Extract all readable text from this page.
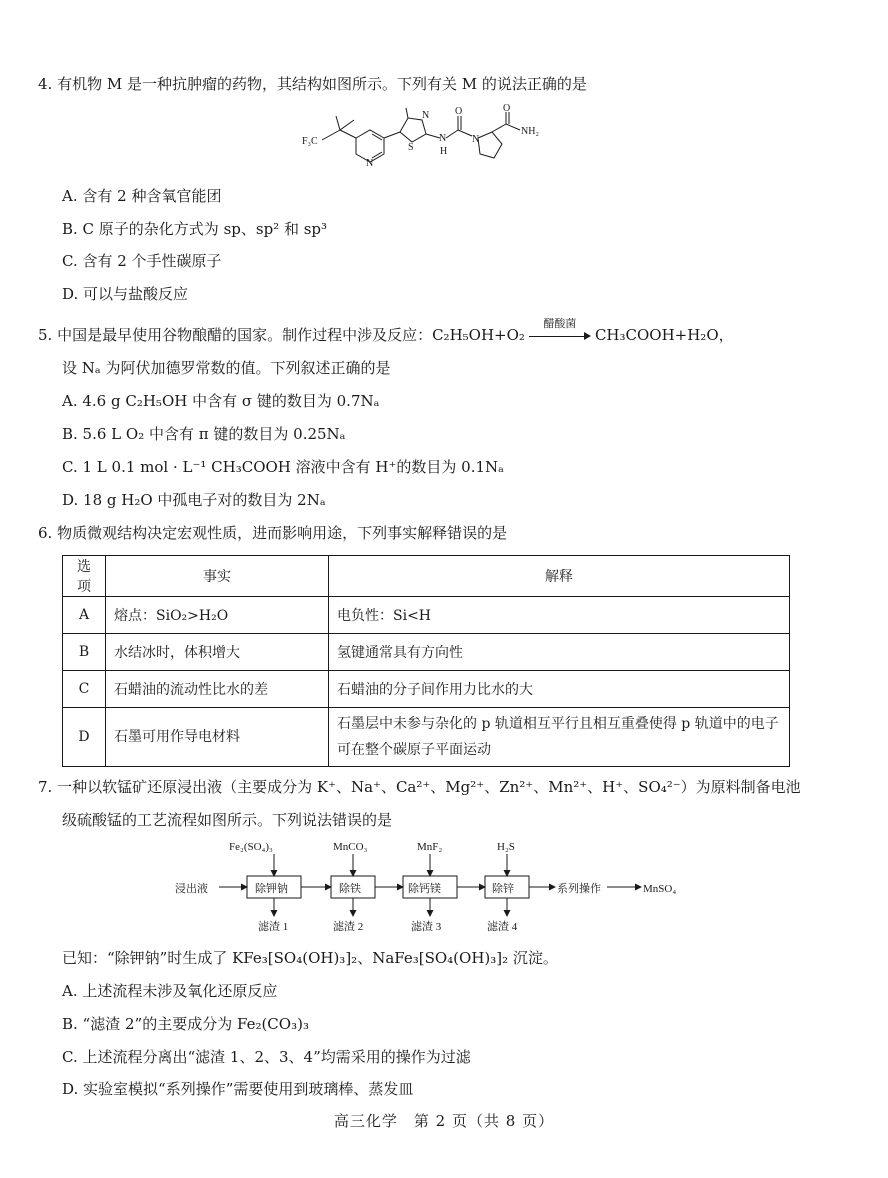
4. 有机物 M 是一种抗肿瘤的药物，其结构如图所示。下列有关 M 的说法正确的是
F₃C
N
S
N
N
H
O
N
O
NH₂
A. 含有 2 种含氧官能团
B. C 原子的杂化方式为 sp、sp² 和 sp³
C. 含有 2 个手性碳原子
D. 可以与盐酸反应
5. 中国是最早使用谷物酿醋的国家。制作过程中涉及反应：C₂H₅OH+O₂
醋酸菌
CH₃COOH+H₂O，
设 Nₐ 为阿伏加德罗常数的值。下列叙述正确的是
A. 4.6 g C₂H₅OH 中含有 σ 键的数目为 0.7Nₐ
B. 5.6 L O₂ 中含有 π 键的数目为 0.25Nₐ
C. 1 L 0.1 mol · L⁻¹ CH₃COOH 溶液中含有 H⁺的数目为 0.1Nₐ
D. 18 g H₂O 中孤电子对的数目为 2Nₐ
6. 物质微观结构决定宏观性质，进而影响用途，下列事实解释错误的是
选项	事实	解释
A	熔点：SiO₂>H₂O	电负性：Si<H
B	水结冰时，体积增大	氢键通常具有方向性
C	石蜡油的流动性比水的差	石蜡油的分子间作用力比水的大
D	石墨可用作导电材料	石墨层中未参与杂化的 p 轨道相互平行且相互重叠使得 p 轨道中的电子可在整个碳原子平面运动
7. 一种以软锰矿还原浸出液（主要成分为 K⁺、Na⁺、Ca²⁺、Mg²⁺、Zn²⁺、Mn²⁺、H⁺、SO₄²⁻）为原料制备电池
级硫酸锰的工艺流程如图所示。下列说法错误的是
浸出液
Fe₂(SO₄)₃	MnCO₃	MnF₂	H₂S
除钾钠	除铁	除钙镁	除锌
滤渣 1	滤渣 2	滤渣 3	滤渣 4
系列操作	MnSO₄
已知：“除钾钠”时生成了 KFe₃[SO₄(OH)₃]₂、NaFe₃[SO₄(OH)₃]₂ 沉淀。
A. 上述流程未涉及氧化还原反应
B. “滤渣 2”的主要成分为 Fe₂(CO₃)₃
C. 上述流程分离出“滤渣 1、2、3、4”均需采用的操作为过滤
D. 实验室模拟“系列操作”需要使用到玻璃棒、蒸发皿
高三化学　第 2 页（共 8 页）
